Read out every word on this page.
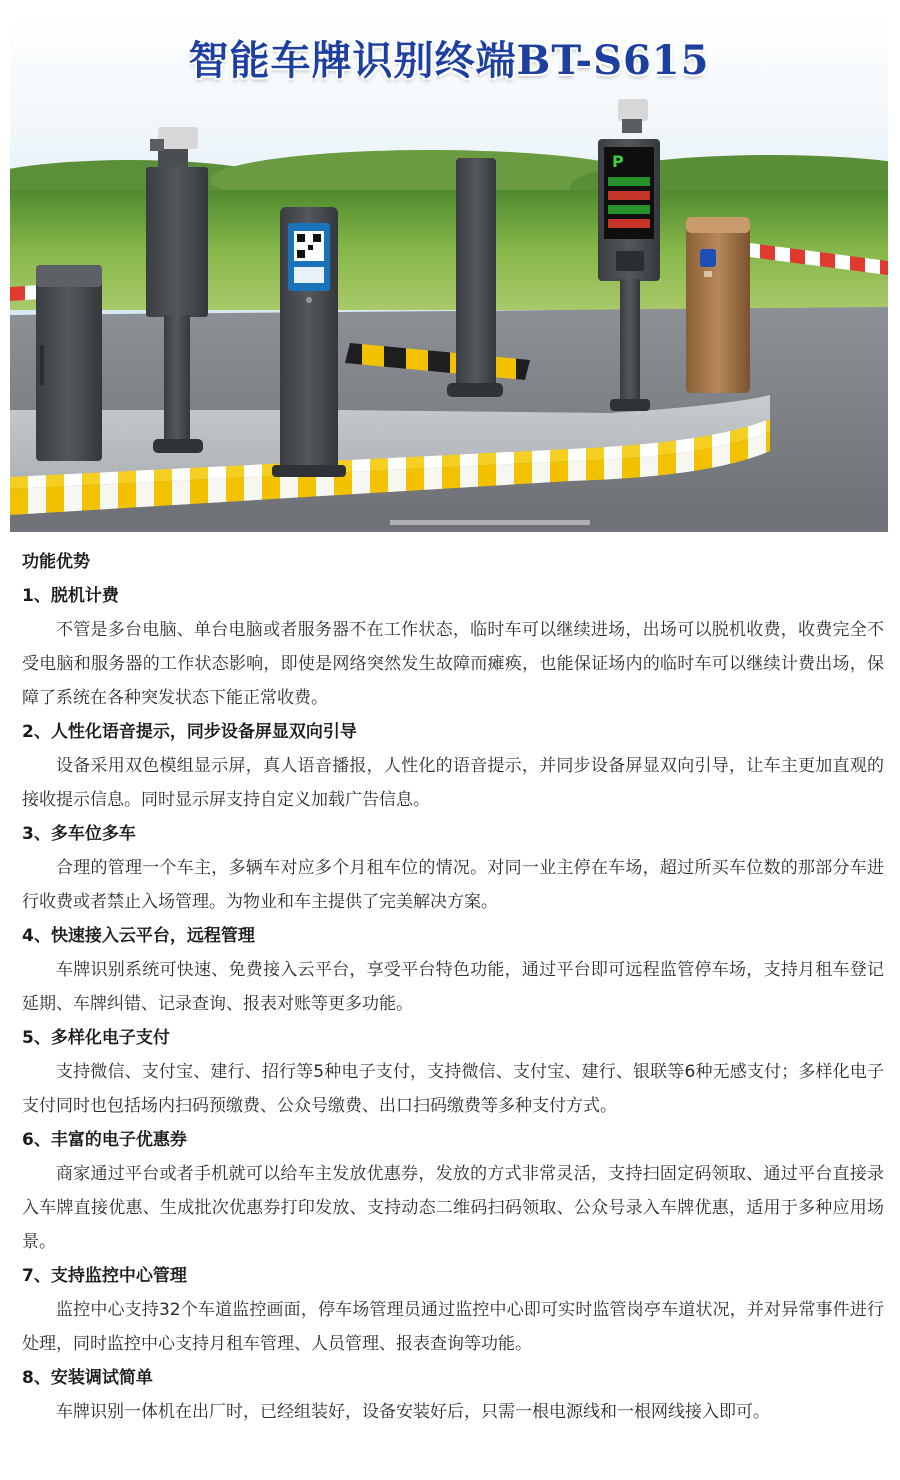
P
智能车牌识别终端BT-S615
功能优势
1、脱机计费
不管是多台电脑、单台电脑或者服务器不在工作状态，临时车可以继续进场，出场可以脱机收费，收费完全不受电脑和服务器的工作状态影响，即使是网络突然发生故障而瘫痪，也能保证场内的临时车可以继续计费出场，保障了系统在各种突发状态下能正常收费。
2、人性化语音提示，同步设备屏显双向引导
设备采用双色模组显示屏，真人语音播报，人性化的语音提示，并同步设备屏显双向引导，让车主更加直观的接收提示信息。同时显示屏支持自定义加载广告信息。
3、多车位多车
合理的管理一个车主，多辆车对应多个月租车位的情况。对同一业主停在车场，超过所买车位数的那部分车进行收费或者禁止入场管理。为物业和车主提供了完美解决方案。
4、快速接入云平台，远程管理
车牌识别系统可快速、免费接入云平台，享受平台特色功能，通过平台即可远程监管停车场，支持月租车登记延期、车牌纠错、记录查询、报表对账等更多功能。
5、多样化电子支付
支持微信、支付宝、建行、招行等5种电子支付，支持微信、支付宝、建行、银联等6种无感支付；多样化电子支付同时也包括场内扫码预缴费、公众号缴费、出口扫码缴费等多种支付方式。
6、丰富的电子优惠券
商家通过平台或者手机就可以给车主发放优惠券，发放的方式非常灵活，支持扫固定码领取、通过平台直接录入车牌直接优惠、生成批次优惠券打印发放、支持动态二维码扫码领取、公众号录入车牌优惠，适用于多种应用场景。
7、支持监控中心管理
监控中心支持32个车道监控画面，停车场管理员通过监控中心即可实时监管岗亭车道状况，并对异常事件进行处理，同时监控中心支持月租车管理、人员管理、报表查询等功能。
8、安装调试简单
车牌识别一体机在出厂时，已经组装好，设备安装好后，只需一根电源线和一根网线接入即可。
